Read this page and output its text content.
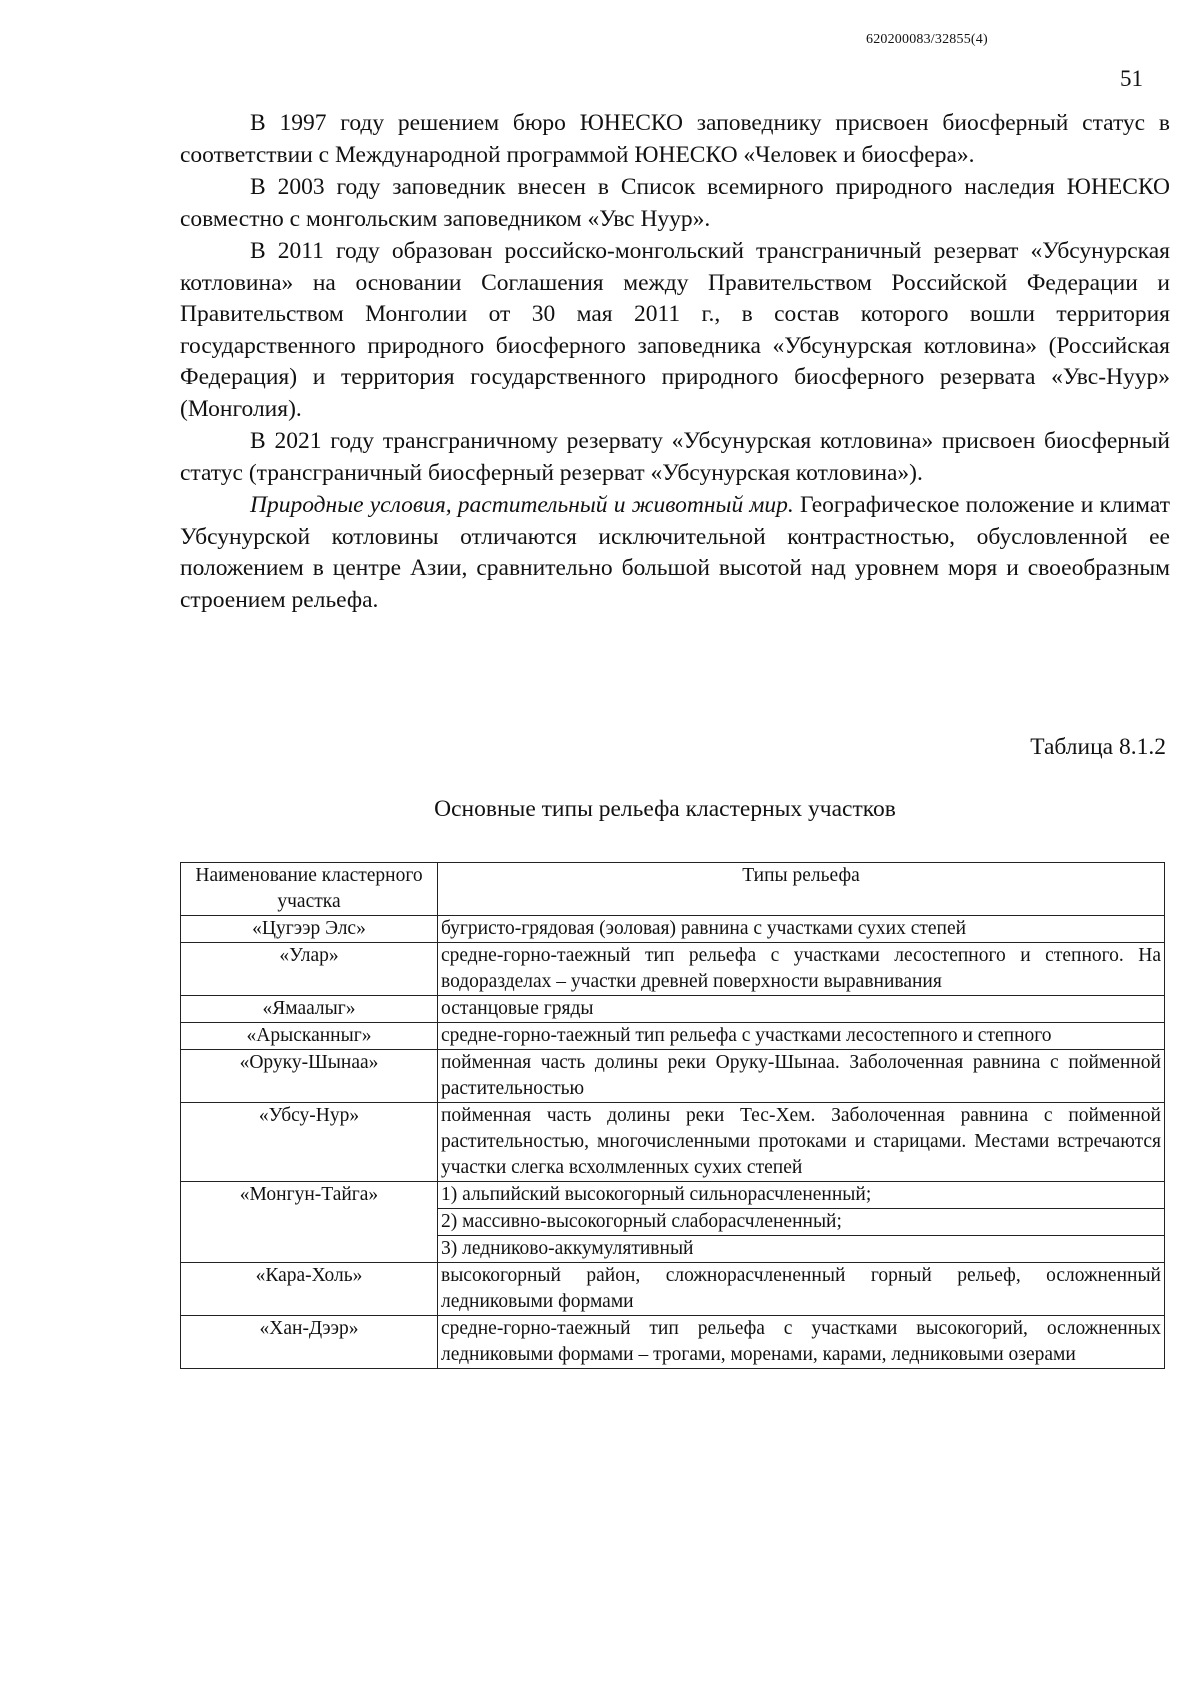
620200083/32855(4)
51

В 1997 году решением бюро ЮНЕСКО заповеднику присвоен биосферный статус в соответствии с Международной программой ЮНЕСКО «Человек и биосфера».

В 2003 году заповедник внесен в Список всемирного природного наследия ЮНЕСКО совместно с монгольским заповедником «Увс Нуур».

В 2011 году образован российско-монгольский трансграничный резерват «Убсунурская котловина» на основании Соглашения между Правительством Российской Федерации и Правительством Монголии от 30 мая 2011 г., в состав которого вошли территория государственного природного биосферного заповедника «Убсунурская котловина» (Российская Федерация) и территория государственного природного биосферного резервата «Увс-Нуур» (Монголия).

В 2021 году трансграничному резервату «Убсунурская котловина» присвоен биосферный статус (трансграничный биосферный резерват «Убсунурская котловина»).

Природные условия, растительный и животный мир. Географическое положение и климат Убсунурской котловины отличаются исключительной контрастностью, обусловленной ее положением в центре Азии, сравнительно большой высотой над уровнем моря и своеобразным строением рельефа.

Таблица 8.1.2
Основные типы рельефа кластерных участков
Наименование кластерного участка	Типы рельефа
«Цугээр Элс»	бугристо-грядовая (эоловая) равнина с участками сухих степей

«Улар»	средне-горно-таежный тип рельефа с участками лесостепного и степного. На водоразделах – участки древней поверхности выравнивания

«Ямаалыг»	останцовые гряды

«Арысканныг»	средне-горно-таежный тип рельефа с участками лесостепного и степного

«Оруку-Шынаа»	пойменная часть долины реки Оруку-Шынаа. Заболоченная равнина с пойменной растительностью

«Убсу-Нур»	пойменная часть долины реки Тес-Хем. Заболоченная равнина с пойменной растительностью, многочисленными протоками и старицами. Местами встречаются участки слегка всхолмленных сухих степей

«Монгун-Тайга»	1) альпийский высокогорный сильнорасчлененный;
2) массивно-высокогорный слаборасчлененный;
3) ледниково-аккумулятивный

«Кара-Холь»	высокогорный район, сложнорасчлененный горный рельеф, осложненный ледниковыми формами

«Хан-Дээр»	средне-горно-таежный тип рельефа с участками высокогорий, осложненных ледниковыми формами – трогами, моренами, карами, ледниковыми озерами
